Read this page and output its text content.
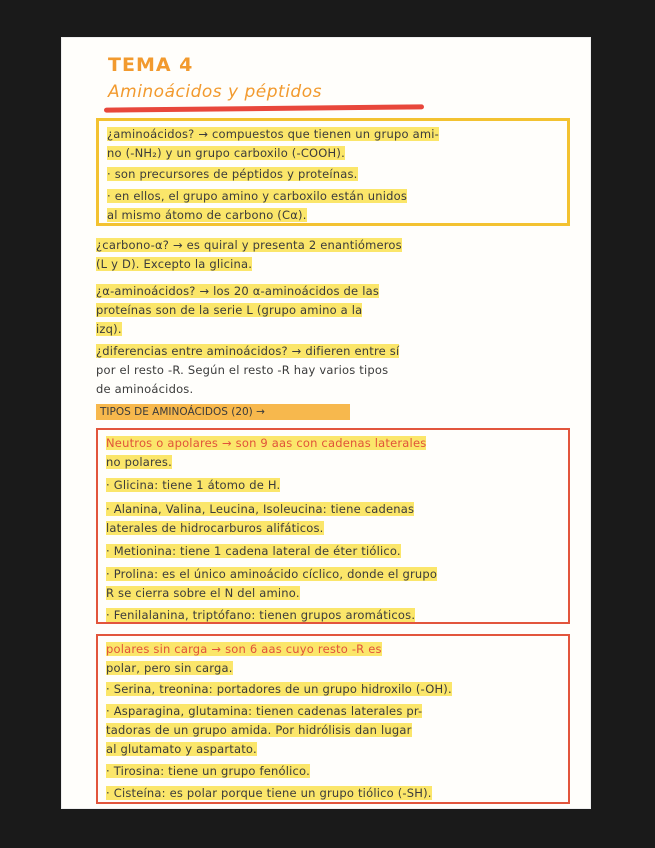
TEMA 4
Aminoácidos y péptidos
¿aminoácidos? → compuestos que tienen un grupo ami-
no (-NH₂) y un grupo carboxilo (-COOH).
· son precursores de péptidos y proteínas.
· en ellos, el grupo amino y carboxilo están unidos
al mismo átomo de carbono (Cα).
¿carbono-α? → es quiral y presenta 2 enantiómeros
(L y D). Excepto la glicina.
¿α-aminoácidos? → los 20 α-aminoácidos de las
proteínas son de la serie L (grupo amino a la
izq).
¿diferencias entre aminoácidos? → difieren entre sí
por el resto -R. Según el resto -R hay varios tipos
de aminoácidos.
TIPOS DE AMINOÁCIDOS (20) →
Neutros o apolares → son 9 aas con cadenas laterales
no polares.
· Glicina: tiene 1 átomo de H.
· Alanina, Valina, Leucina, Isoleucina: tiene cadenas
laterales de hidrocarburos alifáticos.
· Metionina: tiene 1 cadena lateral de éter tiólico.
· Prolina: es el único aminoácido cíclico, donde el grupo
R se cierra sobre el N del amino.
· Fenilalanina, triptófano: tienen grupos aromáticos.
polares sin carga → son 6 aas cuyo resto -R es
polar, pero sin carga.
· Serina, treonina: portadores de un grupo hidroxilo (-OH).
· Asparagina, glutamina: tienen cadenas laterales pr-
tadoras de un grupo amida. Por hidrólisis dan lugar
al glutamato y aspartato.
· Tirosina: tiene un grupo fenólico.
· Cisteína: es polar porque tiene un grupo tiólico (-SH).
